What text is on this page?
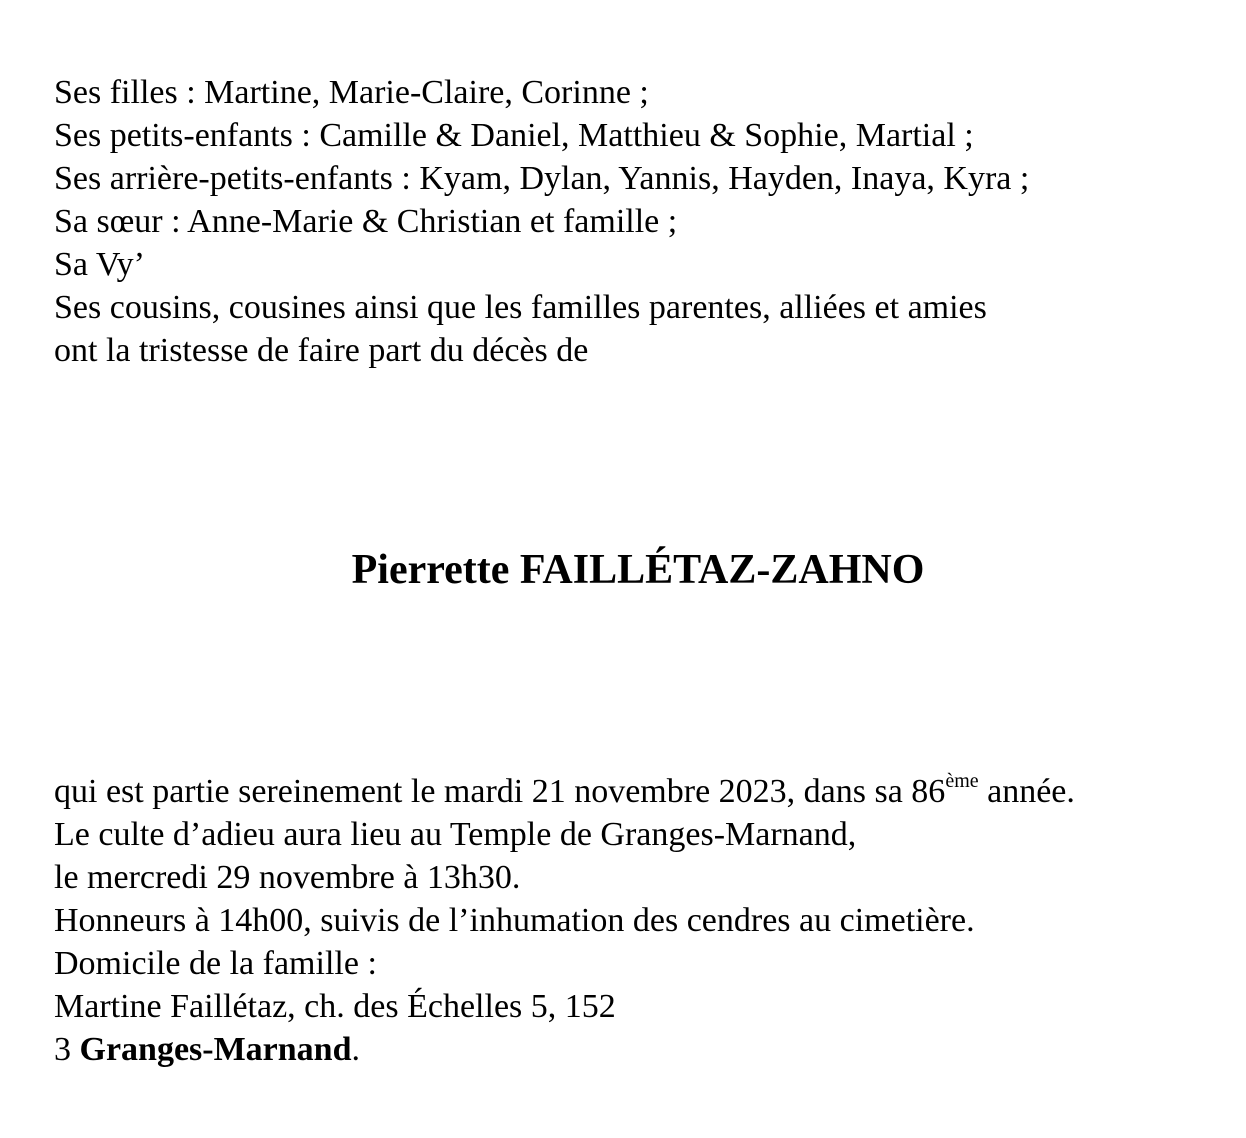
Ses filles : Martine, Marie-Claire, Corinne ;
Ses petits-enfants : Camille & Daniel, Matthieu & Sophie, Martial ;
Ses arrière-petits-enfants : Kyam, Dylan, Yannis, Hayden, Inaya, Kyra ;
Sa sœur : Anne-Marie & Christian et famille ;
Sa Vy’
Ses cousins, cousines ainsi que les familles parentes, alliées et amies
ont la tristesse de faire part du décès de
Pierrette FAILLÉTAZ-ZAHNO
qui est partie sereinement le mardi 21 novembre 2023, dans sa 86ème année.
Le culte d’adieu aura lieu au Temple de Granges-Marnand,
le mercredi 29 novembre à 13h30.
Honneurs à 14h00, suivis de l’inhumation des cendres au cimetière.
Domicile de la famille :
Martine Faillétaz, ch. des Échelles 5, 152
3 Granges-Marnand.
